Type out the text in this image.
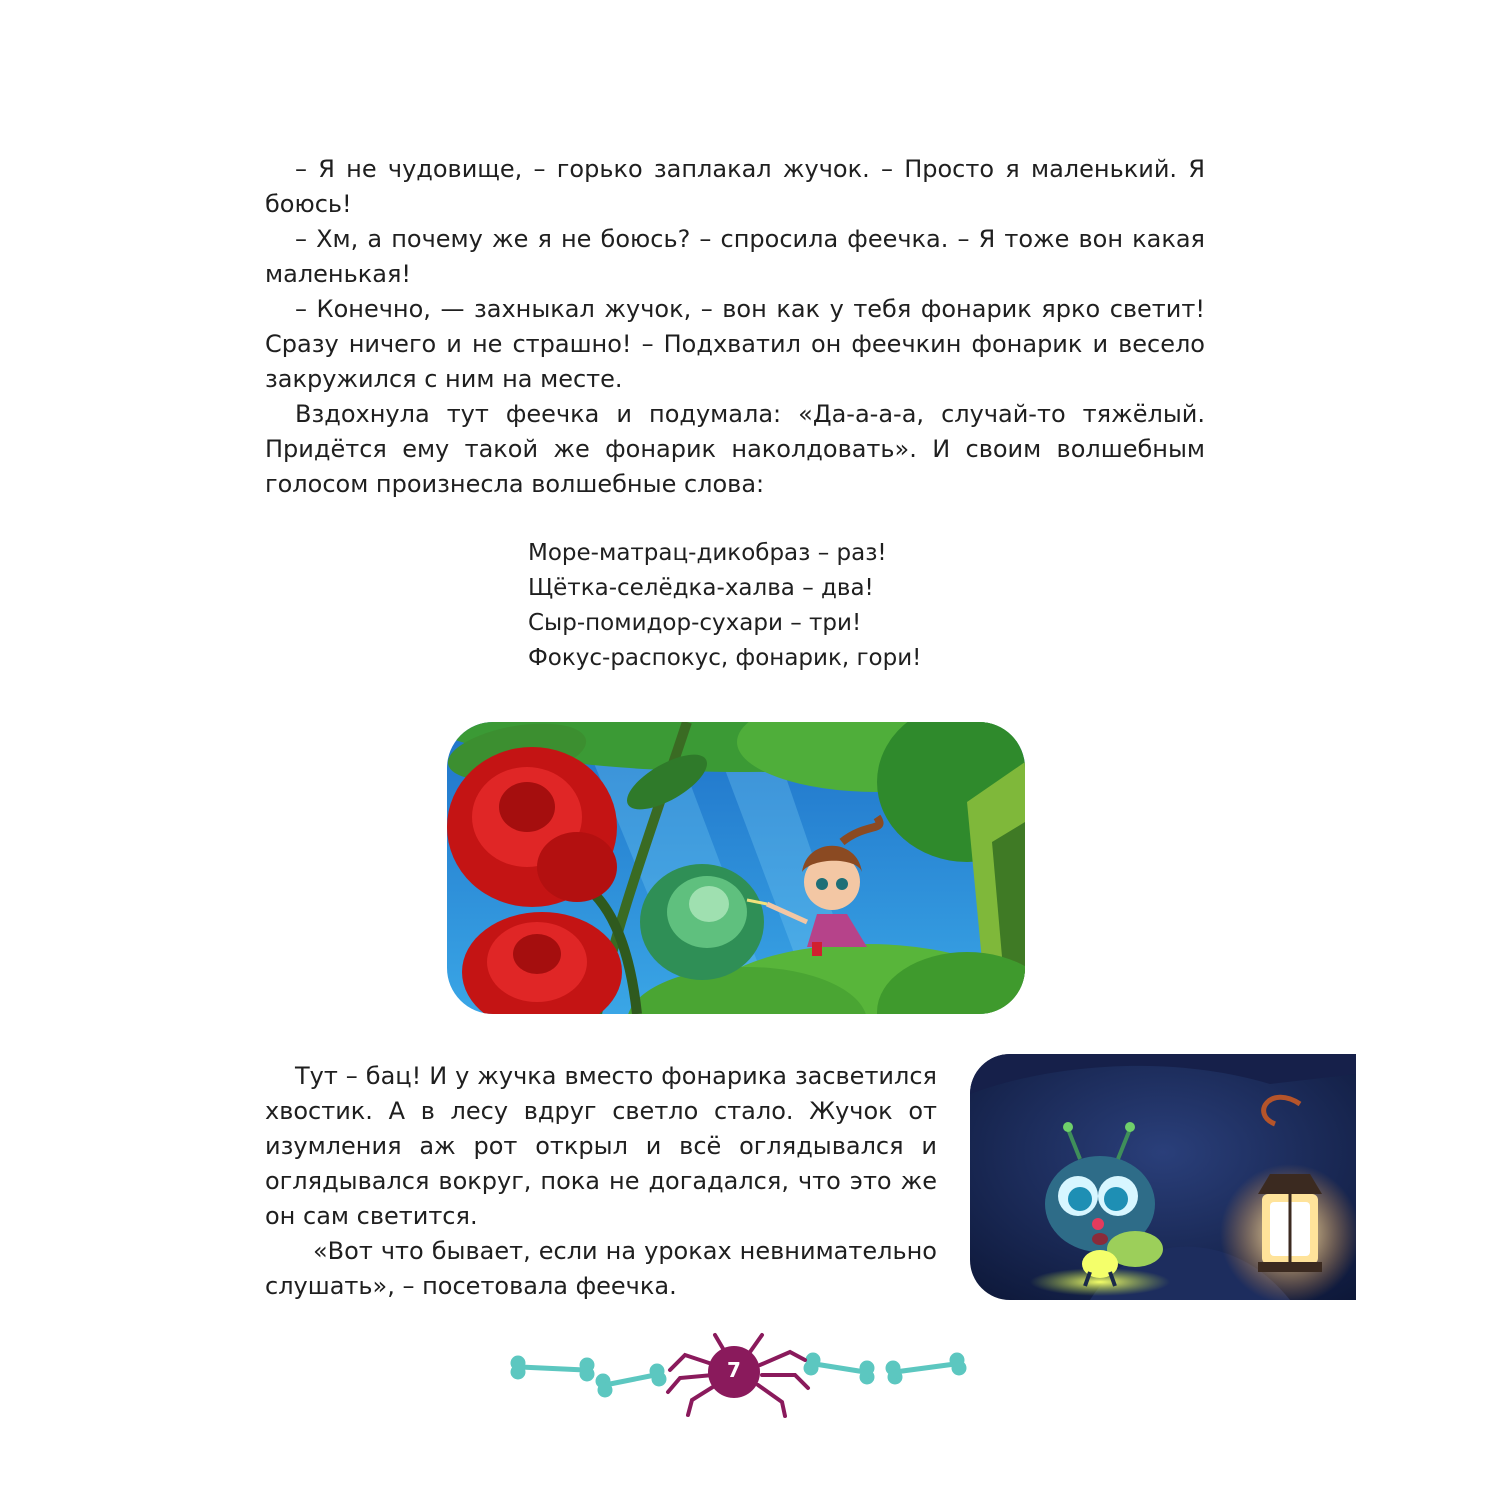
– Я не чудовище, – горько заплакал жучок. – Просто я маленький. Я боюсь!

– Хм, а почему же я не боюсь? – спросила феечка. – Я тоже вон какая маленькая!

– Конечно, — захныкал жучок, – вон как у тебя фонарик ярко светит! Сразу ничего и не страшно! – Подхватил он феечкин фонарик и весело закружился с ним на месте.

Вздохнула тут феечка и подумала: «Да-а-а-а, случай-то тяжёлый. Придётся ему такой же фонарик наколдовать». И своим волшебным голосом произнесла волшебные слова:

Море-матрац-дикобраз – раз!
Щётка-селёдка-халва – два!
Сыр-помидор-сухари – три!
Фокус-распокус, фонарик, гори!

Тут – бац! И у жучка вместо фонарика засветился хвостик. А в лесу вдруг светло стало. Жучок от изумления аж рот открыл и всё оглядывался и оглядывался вокруг, пока не догадался, что это же он сам светится.

«Вот что бывает, если на уроках невнимательно слушать», – посетовала феечка.

7
